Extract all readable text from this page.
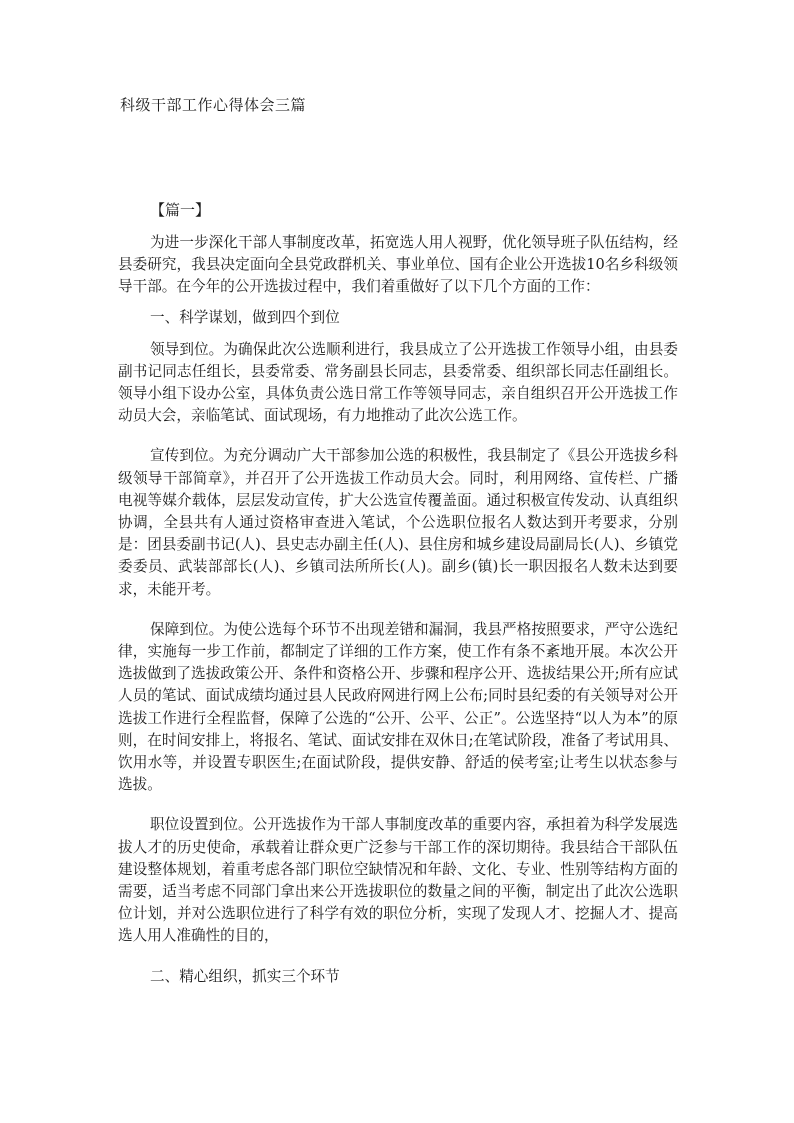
科级干部工作心得体会三篇

【篇一】

为进一步深化干部人事制度改革，拓宽选人用人视野，优化领导班子队伍结构，经县委研究，我县决定面向全县党政群机关、事业单位、国有企业公开选拔10名乡科级领导干部。在今年的公开选拔过程中，我们着重做好了以下几个方面的工作：

一、科学谋划，做到四个到位

领导到位。为确保此次公选顺利进行，我县成立了公开选拔工作领导小组，由县委副书记同志任组长，县委常委、常务副县长同志，县委常委、组织部长同志任副组长。领导小组下设办公室，具体负责公选日常工作等领导同志，亲自组织召开公开选拔工作动员大会，亲临笔试、面试现场，有力地推动了此次公选工作。

宣传到位。为充分调动广大干部参加公选的积极性，我县制定了《县公开选拔乡科级领导干部简章》，并召开了公开选拔工作动员大会。同时，利用网络、宣传栏、广播电视等媒介载体，层层发动宣传，扩大公选宣传覆盖面。通过积极宣传发动、认真组织协调，全县共有人通过资格审查进入笔试，个公选职位报名人数达到开考要求，分别是：团县委副书记(人)、县史志办副主任(人)、县住房和城乡建设局副局长(人)、乡镇党委委员、武装部部长(人)、乡镇司法所所长(人)。副乡(镇)长一职因报名人数未达到要求，未能开考。

保障到位。为使公选每个环节不出现差错和漏洞，我县严格按照要求，严守公选纪律，实施每一步工作前，都制定了详细的工作方案，使工作有条不紊地开展。本次公开选拔做到了选拔政策公开、条件和资格公开、步骤和程序公开、选拔结果公开;所有应试人员的笔试、面试成绩均通过县人民政府网进行网上公布;同时县纪委的有关领导对公开选拔工作进行全程监督，保障了公选的“公开、公平、公正”。公选坚持“以人为本”的原则，在时间安排上，将报名、笔试、面试安排在双休日;在笔试阶段，准备了考试用具、饮用水等，并设置专职医生;在面试阶段，提供安静、舒适的侯考室;让考生以状态参与选拔。

职位设置到位。公开选拔作为干部人事制度改革的重要内容，承担着为科学发展选拔人才的历史使命，承载着让群众更广泛参与干部工作的深切期待。我县结合干部队伍建设整体规划，着重考虑各部门职位空缺情况和年龄、文化、专业、性别等结构方面的需要，适当考虑不同部门拿出来公开选拔职位的数量之间的平衡，制定出了此次公选职位计划，并对公选职位进行了科学有效的职位分析，实现了发现人才、挖掘人才、提高选人用人准确性的目的，

二、精心组织，抓实三个环节
